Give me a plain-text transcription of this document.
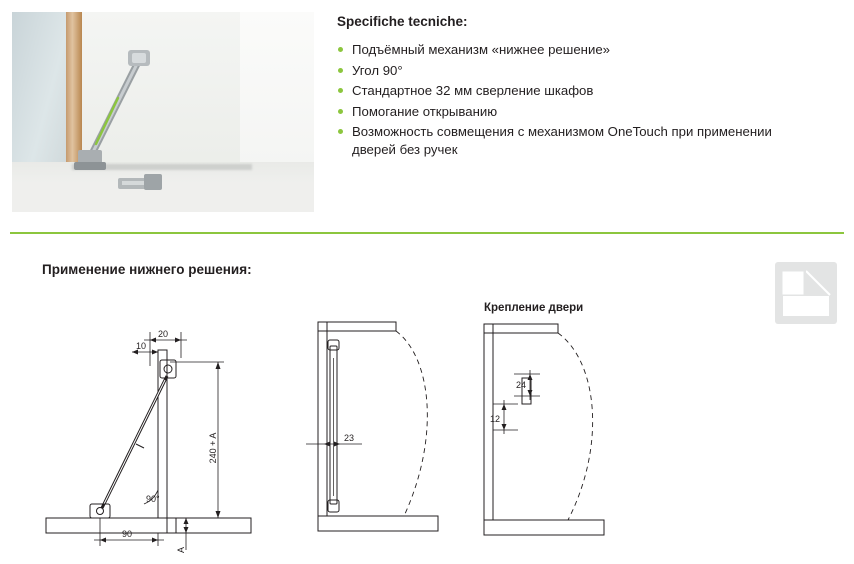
Specifiche tecniche:
Подъёмный механизм «нижнее решение»
Угол 90°
Стандартное 32 мм сверление шкафов
Помогание открыванию
Возможность совмещения с механизмом OneTouch при применении дверей без ручек
Применение нижнего решения:
90°
20
10
240 + A
90
A
23
Крепление двери
24
12
